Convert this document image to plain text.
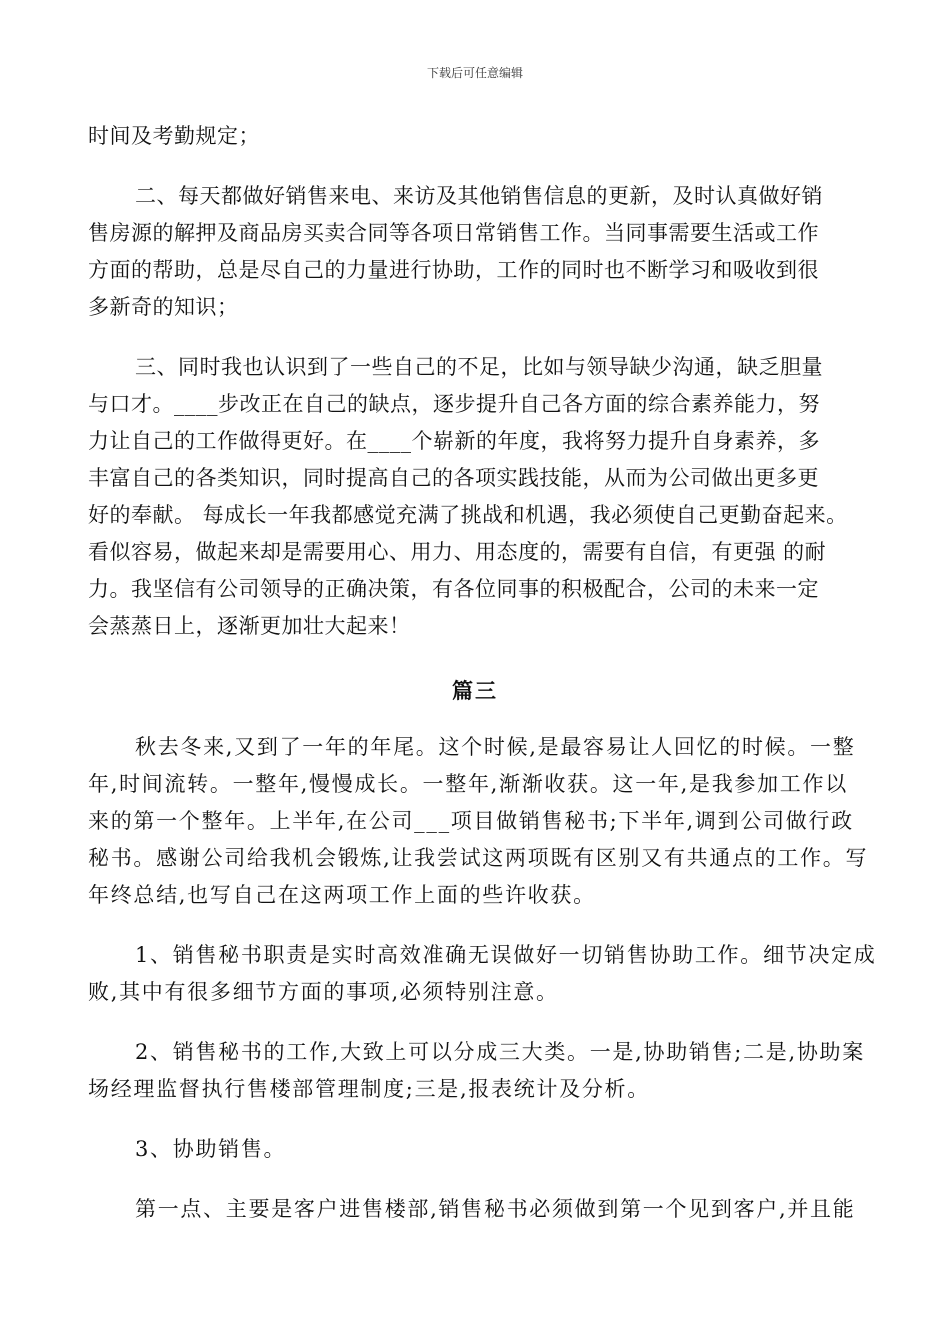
下载后可任意编辑
时间及考勤规定；
二、每天都做好销售来电、来访及其他销售信息的更新，及时认真做好销
售房源的解押及商品房买卖合同等各项日常销售工作。当同事需要生活或工作
方面的帮助，总是尽自己的力量进行协助，工作的同时也不断学习和吸收到很
多新奇的知识；
三、同时我也认识到了一些自己的不足，比如与领导缺少沟通，缺乏胆量
与口才。____步改正在自己的缺点，逐步提升自己各方面的综合素养能力，努
力让自己的工作做得更好。在____个崭新的年度，我将努力提升自身素养，多
丰富自己的各类知识，同时提高自己的各项实践技能，从而为公司做出更多更
好的奉献。 每成长一年我都感觉充满了挑战和机遇，我必须使自己更勤奋起来。
看似容易，做起来却是需要用心、用力、用态度的，需要有自信，有更强 的耐
力。我坚信有公司领导的正确决策，有各位同事的积极配合，公司的未来一定
会蒸蒸日上，逐渐更加壮大起来！
篇三
秋去冬来,又到了一年的年尾。这个时候,是最容易让人回忆的时候。一整
年,时间流转。一整年,慢慢成长。一整年,渐渐收获。这一年,是我参加工作以
来的第一个整年。上半年,在公司___项目做销售秘书;下半年,调到公司做行政
秘书。感谢公司给我机会锻炼,让我尝试这两项既有区别又有共通点的工作。写
年终总结,也写自己在这两项工作上面的些许收获。
1、销售秘书职责是实时高效准确无误做好一切销售协助工作。细节决定成
败,其中有很多细节方面的事项,必须特别注意。
2、销售秘书的工作,大致上可以分成三大类。一是,协助销售;二是,协助案
场经理监督执行售楼部管理制度;三是,报表统计及分析。
3、协助销售。
第一点、主要是客户进售楼部,销售秘书必须做到第一个见到客户,并且能
